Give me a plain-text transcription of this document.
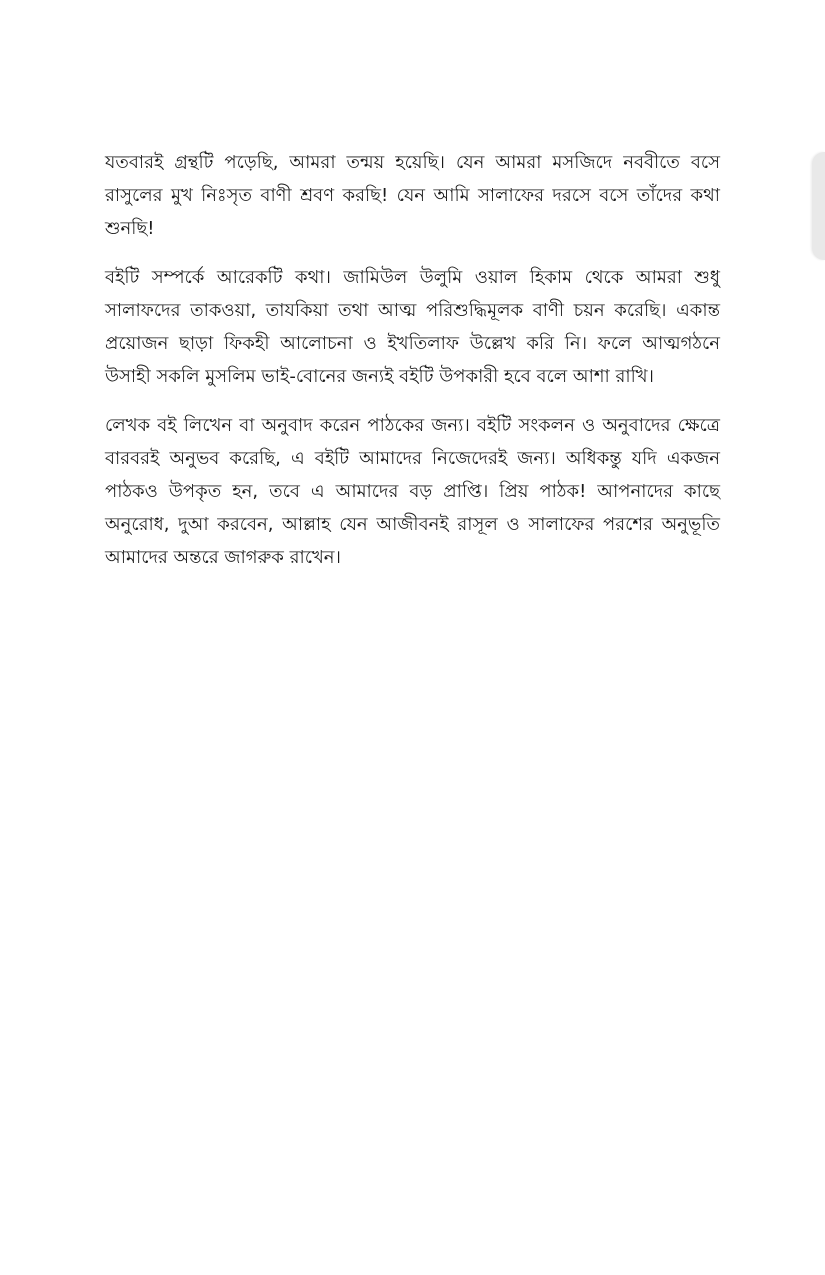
যতবারই গ্রন্থটি পড়েছি, আমরা তন্ময় হয়েছি। যেন আমরা মসজিদে নববীতে বসে রাসুলের মুখ নিঃসৃত বাণী শ্রবণ করছি! যেন আমি সালাফের দরসে বসে তাঁদের কথা শুনছি!

বইটি সম্পর্কে আরেকটি কথা। জামিউল উলুমি ওয়াল হিকাম থেকে আমরা শুধু সালাফদের তাকওয়া, তাযকিয়া তথা আত্ম পরিশুদ্ধিমূলক বাণী চয়ন করেছি। একান্ত প্রয়োজন ছাড়া ফিকহী আলোচনা ও ইখতিলাফ উল্লেখ করি নি। ফলে আত্মগঠনে উসাহী সকলি মুসলিম ভাই-বোনের জন্যই বইটি উপকারী হবে বলে আশা রাখি।

লেখক বই লিখেন বা অনুবাদ করেন পাঠকের জন্য। বইটি সংকলন ও অনুবাদের ক্ষেত্রে বারবরই অনুভব করেছি, এ বইটি আমাদের নিজেদেরই জন্য। অধিকন্তু যদি একজন পাঠকও উপকৃত হন, তবে এ আমাদের বড় প্রাপ্তি। প্রিয় পাঠক! আপনাদের কাছে অনুরোধ, দুআ করবেন, আল্লাহ যেন আজীবনই রাসূল ও সালাফের পরশের অনুভূতি আমাদের অন্তরে জাগরুক রাখেন।
